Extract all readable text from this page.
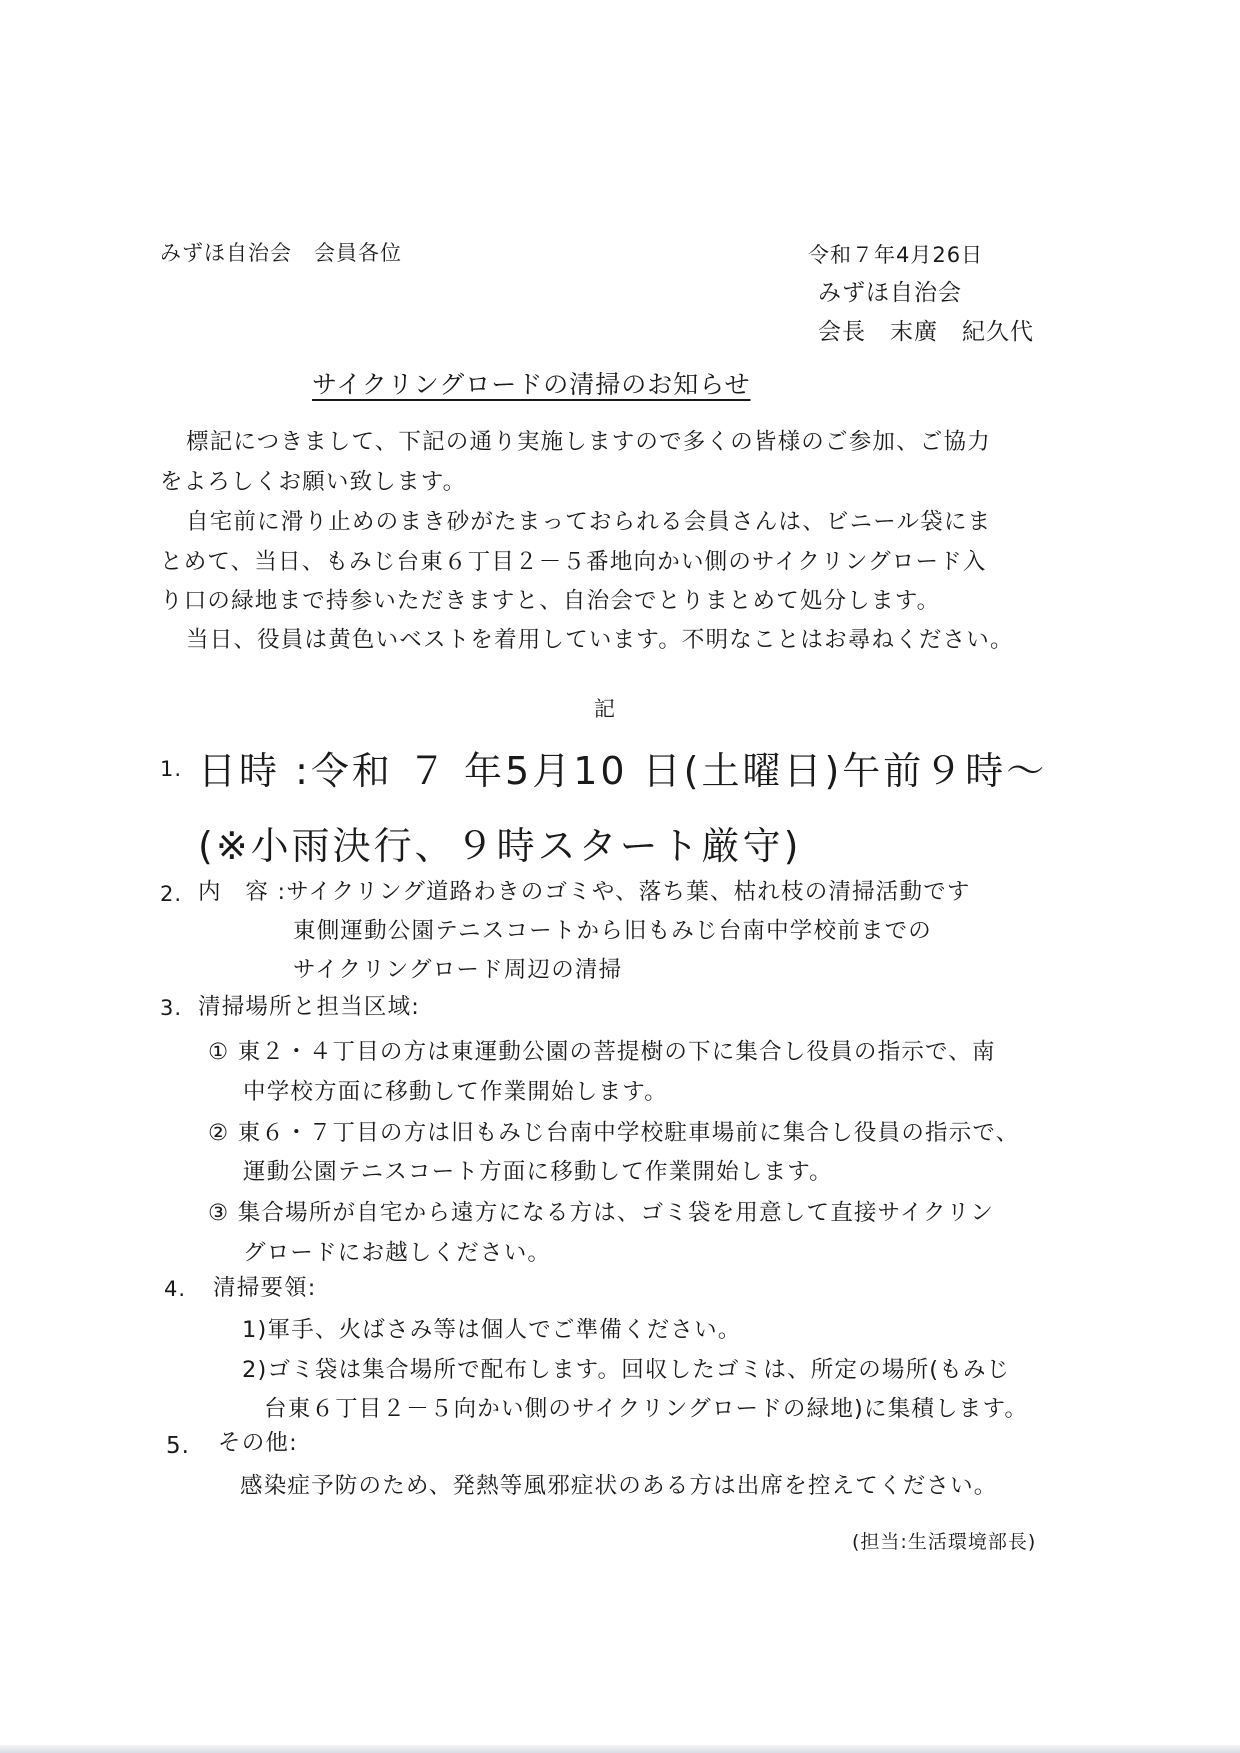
みずほ自治会　会員各位	令和７年4月26日
みずほ自治会
会長　末廣　紀久代
サイクリングロードの清掃のお知らせ
標記につきまして、下記の通り実施しますので多くの皆様のご参加、ご協力
をよろしくお願い致します。
自宅前に滑り止めのまき砂がたまっておられる会員さんは、ビニール袋にま
とめて、当日、もみじ台東６丁目２－５番地向かい側のサイクリングロード入
り口の緑地まで持参いただきますと、自治会でとりまとめて処分します。
当日、役員は黄色いベストを着用しています。不明なことはお尋ねください。
記
1. 日時 :令和 ７ 年5月10 日(土曜日)午前９時～
(※小雨決行、９時スタート厳守)
2. 内　容 :サイクリング道路わきのゴミや、落ち葉、枯れ枝の清掃活動です
東側運動公園テニスコートから旧もみじ台南中学校前までの
サイクリングロード周辺の清掃
3. 清掃場所と担当区域:
① 東２・４丁目の方は東運動公園の菩提樹の下に集合し役員の指示で、南
中学校方面に移動して作業開始します。
② 東６・７丁目の方は旧もみじ台南中学校駐車場前に集合し役員の指示で、
運動公園テニスコート方面に移動して作業開始します。
③ 集合場所が自宅から遠方になる方は、ゴミ袋を用意して直接サイクリン
グロードにお越しください。
4. 清掃要領:
1)軍手、火ばさみ等は個人でご準備ください。
2)ゴミ袋は集合場所で配布します。回収したゴミは、所定の場所(もみじ
台東６丁目２－５向かい側のサイクリングロードの緑地)に集積します。
5. その他:
感染症予防のため、発熱等風邪症状のある方は出席を控えてください。
(担当:生活環境部長)
